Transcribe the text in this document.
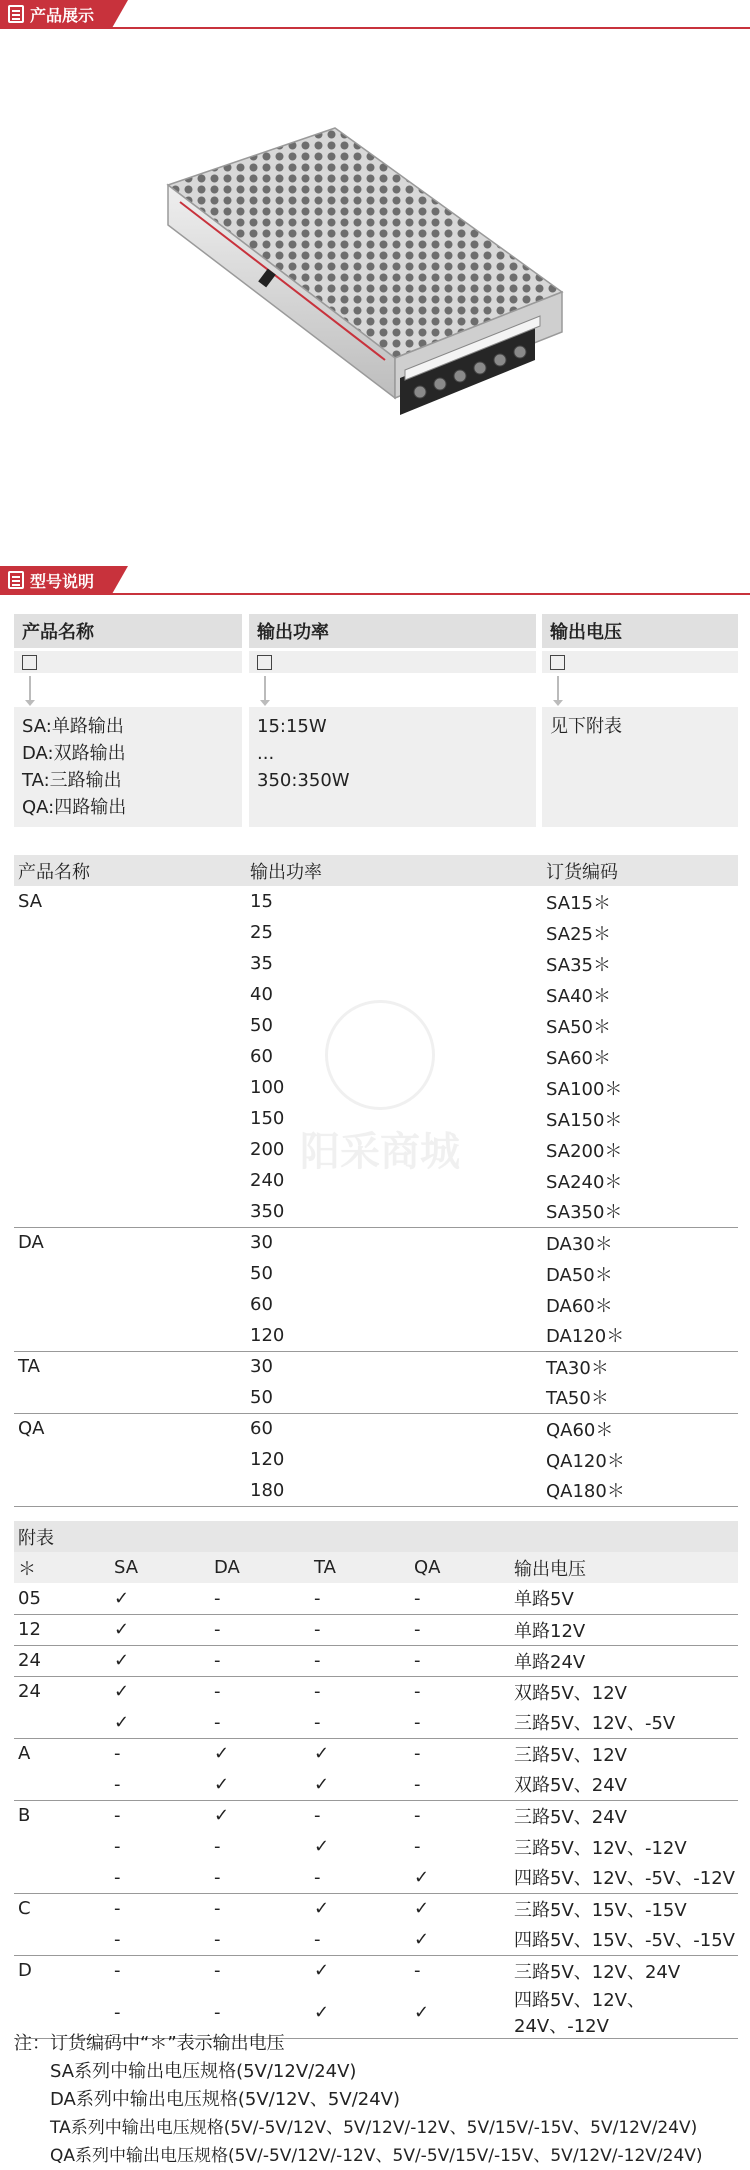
产品展示
型号说明
产品名称	输出功率	输出电压
SA:单路输出
DA:双路输出
TA:三路输出
QA:四路输出
15:15W
...
350:350W
见下附表
产品名称	输出功率	订货编码
SA	15	SA15＊
	25	SA25＊
	35	SA35＊
	40	SA40＊
	50	SA50＊
	60	SA60＊
	100	SA100＊
	150	SA150＊
	200	SA200＊
	240	SA240＊
	350	SA350＊
DA	30	DA30＊
	50	DA50＊
	60	DA60＊
	120	DA120＊
TA	30	TA30＊
	50	TA50＊
QA	60	QA60＊
	120	QA120＊
	180	QA180＊
阳采商城
附表					
＊	SA	DA	TA	QA	输出电压
05	✓	-	-	-	单路5V
12	✓	-	-	-	单路12V
24	✓	-	-	-	单路24V
24	✓	-	-	-	双路5V、12V
	✓	-	-	-	三路5V、12V、-5V
A	-	✓	✓	-	三路5V、12V
	-	✓	✓	-	双路5V、24V
B	-	✓	-	-	三路5V、24V
	-	-	✓	-	三路5V、12V、-12V
	-	-	-	✓	四路5V、12V、-5V、-12V
C	-	-	✓	✓	三路5V、15V、-15V
	-	-	-	✓	四路5V、15V、-5V、-15V
D	-	-	✓	-	三路5V、12V、24V
	-	-	✓	✓	四路5V、12V、24V、-12V
注：订货编码中“＊”表示输出电压
SA系列中输出电压规格(5V/12V/24V)
DA系列中输出电压规格(5V/12V、5V/24V)
TA系列中输出电压规格(5V/-5V/12V、5V/12V/-12V、5V/15V/-15V、5V/12V/24V)
QA系列中输出电压规格(5V/-5V/12V/-12V、5V/-5V/15V/-15V、5V/12V/-12V/24V)
